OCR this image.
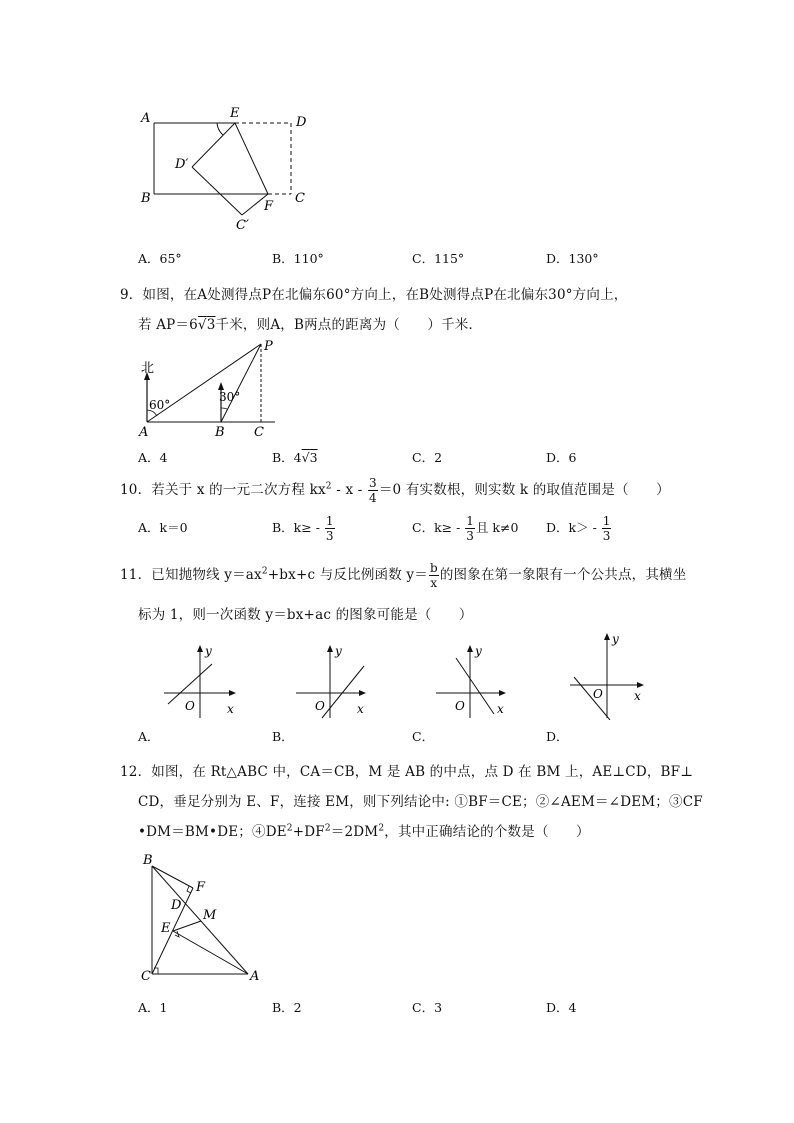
A	E
D
D′
B	C
F
C′
A．65°	B．110°	C．115°	D．130°
9．如图，在A处测得点P在北偏东60°方向上，在B处测得点P在北偏东30°方向上，
若 AP＝6√3千米，则A，B两点的距离为（　　）千米．
北
60°
30°
P
A	B C
A．4	B．4√3	C．2	D．6
10．若关于 x 的一元二次方程 $kx^2 - x - \frac{3}{4} =0$ 有实数根，则实数 k 的取值范围是（　　）
A．k＝0	B．$k\ge - \frac{1}{3}$	C．$k\ge - \frac{1}{3}$ 且 k≠0 D．$k> - \frac{1}{3}$
11．已知抛物线 $y=ax^2+bx+c$ 与反比例函数 $y= \frac{b}{x}$ 的图象在第一象限有一个公共点，其横坐
标为 1，则一次函数 y＝bx+ac 的图象可能是（　　）
y
x
O
y
x
O
y
x
O
y
x
O
A．	B．	C．	D．
12．如图，在 Rt△ABC 中，CA＝CB，M 是 AB 的中点，点 D 在 BM 上，AE⊥CD，BF⊥
CD，垂足分别为 E、F，连接 EM，则下列结论中: ①BF＝CE；②∠AEM＝∠DEM；③CF
•DM＝BM•DE；$④DE^2+DF^2=2DM^2$，其中正确结论的个数是（　　）
B
F
D
M
E
C	A
A．1	B．2	C．3	D．4
